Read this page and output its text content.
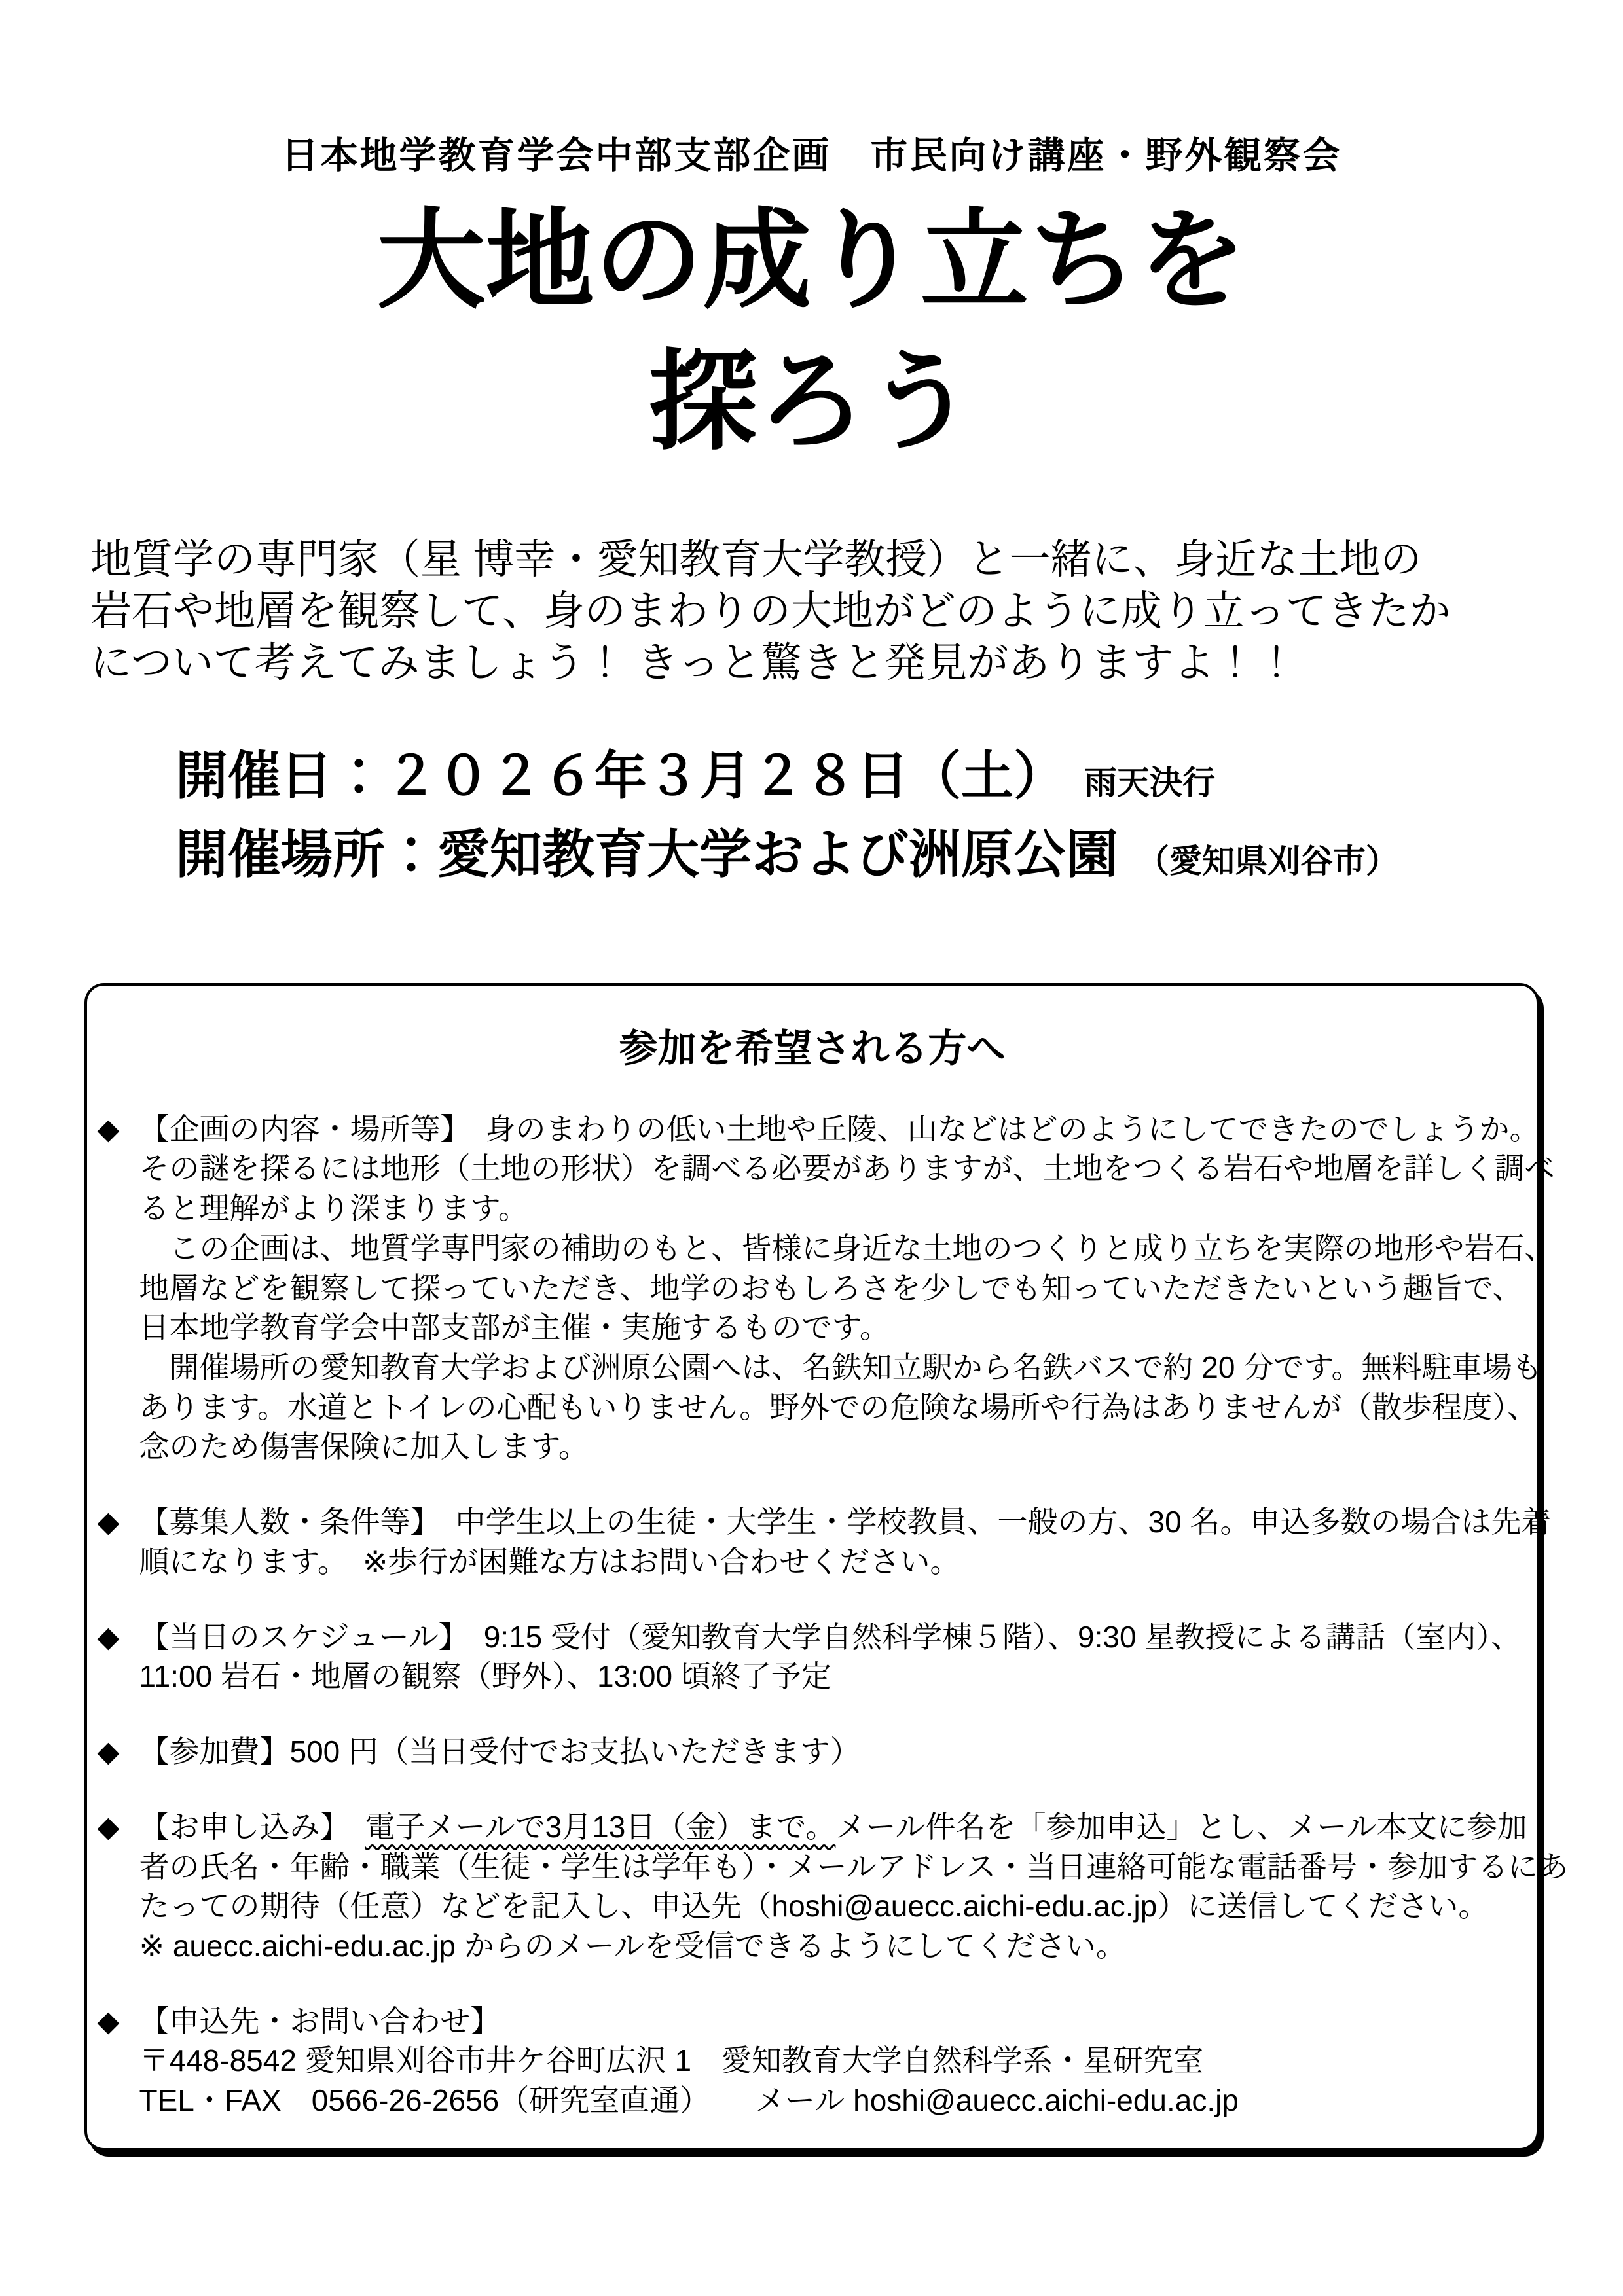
日本地学教育学会中部支部企画　市民向け講座・野外観察会
大地の成り立ちを
探ろう
地質学の専門家（星 博幸・愛知教育大学教授）と一緒に、身近な土地の
岩石や地層を観察して、身のまわりの大地がどのように成り立ってきたか
について考えてみましょう！ きっと驚きと発見がありますよ！！
開催日：２０２６年３月２８日（土） 雨天決行
開催場所：愛知教育大学および洲原公園 （愛知県刈谷市）
参加を希望される方へ
◆ 【企画の内容・場所等】　身のまわりの低い土地や丘陵、山などはどのようにしてできたのでしょうか。
その謎を探るには地形（土地の形状）を調べる必要がありますが、土地をつくる岩石や地層を詳しく調べ
ると理解がより深まります。
　この企画は、地質学専門家の補助のもと、皆様に身近な土地のつくりと成り立ちを実際の地形や岩石、
地層などを観察して探っていただき、地学のおもしろさを少しでも知っていただきたいという趣旨で、
日本地学教育学会中部支部が主催・実施するものです。
　開催場所の愛知教育大学および洲原公園へは、名鉄知立駅から名鉄バスで約 20 分です。無料駐車場も
あります。水道とトイレの心配もいりません。野外での危険な場所や行為はありませんが（散歩程度）、
念のため傷害保険に加入します。
◆ 【募集人数・条件等】　中学生以上の生徒・大学生・学校教員、一般の方、30 名。申込多数の場合は先着
順になります。　※歩行が困難な方はお問い合わせください。
◆ 【当日のスケジュール】　9:15 受付（愛知教育大学自然科学棟５階）、9:30 星教授による講話（室内）、
11:00 岩石・地層の観察（野外）、13:00 頃終了予定
◆ 【参加費】500 円（当日受付でお支払いただきます）
◆ 【お申し込み】　電子メールで3月13日（金）まで。メール件名を「参加申込」とし、メール本文に参加
者の氏名・年齢・職業（生徒・学生は学年も）・メールアドレス・当日連絡可能な電話番号・参加するにあ
たっての期待（任意）などを記入し、申込先（hoshi@auecc.aichi-edu.ac.jp）に送信してください。
※ auecc.aichi-edu.ac.jp からのメールを受信できるようにしてください。
◆ 【申込先・お問い合わせ】
〒448-8542 愛知県刈谷市井ケ谷町広沢 1　愛知教育大学自然科学系・星研究室
TEL・FAX　0566-26-2656（研究室直通）　　メール hoshi@auecc.aichi-edu.ac.jp
